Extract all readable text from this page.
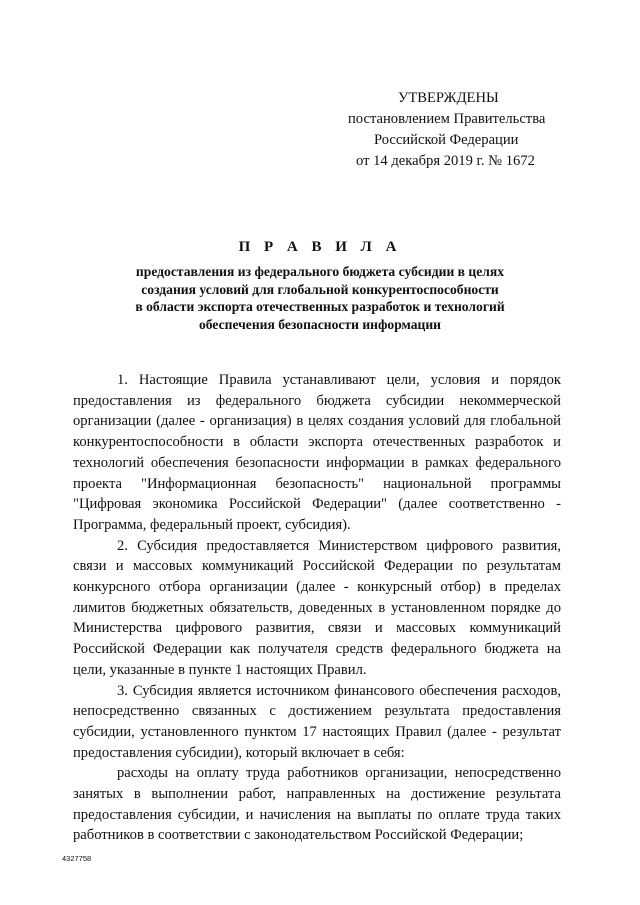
УТВЕРЖДЕНЫ
постановлением Правительства
Российской Федерации
от 14 декабря 2019 г. № 1672
П Р А В И Л А
предоставления из федерального бюджета субсидии в целях
создания условий для глобальной конкурентоспособности
в области экспорта отечественных разработок и технологий
обеспечения безопасности информации

1. Настоящие Правила устанавливают цели, условия и порядок предоставления из федерального бюджета субсидии некоммерческой организации (далее - организация) в целях создания условий для глобальной конкурентоспособности в области экспорта отечественных разработок и технологий обеспечения безопасности информации в рамках федерального проекта "Информационная безопасность" национальной программы "Цифровая экономика Российской Федерации" (далее соответственно - Программа, федеральный проект, субсидия).

2. Субсидия предоставляется Министерством цифрового развития, связи и массовых коммуникаций Российской Федерации по результатам конкурсного отбора организации (далее - конкурсный отбор) в пределах лимитов бюджетных обязательств, доведенных в установленном порядке до Министерства цифрового развития, связи и массовых коммуникаций Российской Федерации как получателя средств федерального бюджета на цели, указанные в пункте 1 настоящих Правил.

3. Субсидия является источником финансового обеспечения расходов, непосредственно связанных с достижением результата предоставления субсидии, установленного пунктом 17 настоящих Правил (далее - результат предоставления субсидии), который включает в себя:

расходы на оплату труда работников организации, непосредственно занятых в выполнении работ, направленных на достижение результата предоставления субсидии, и начисления на выплаты по оплате труда таких работников в соответствии с законодательством Российской Федерации;

4327758
